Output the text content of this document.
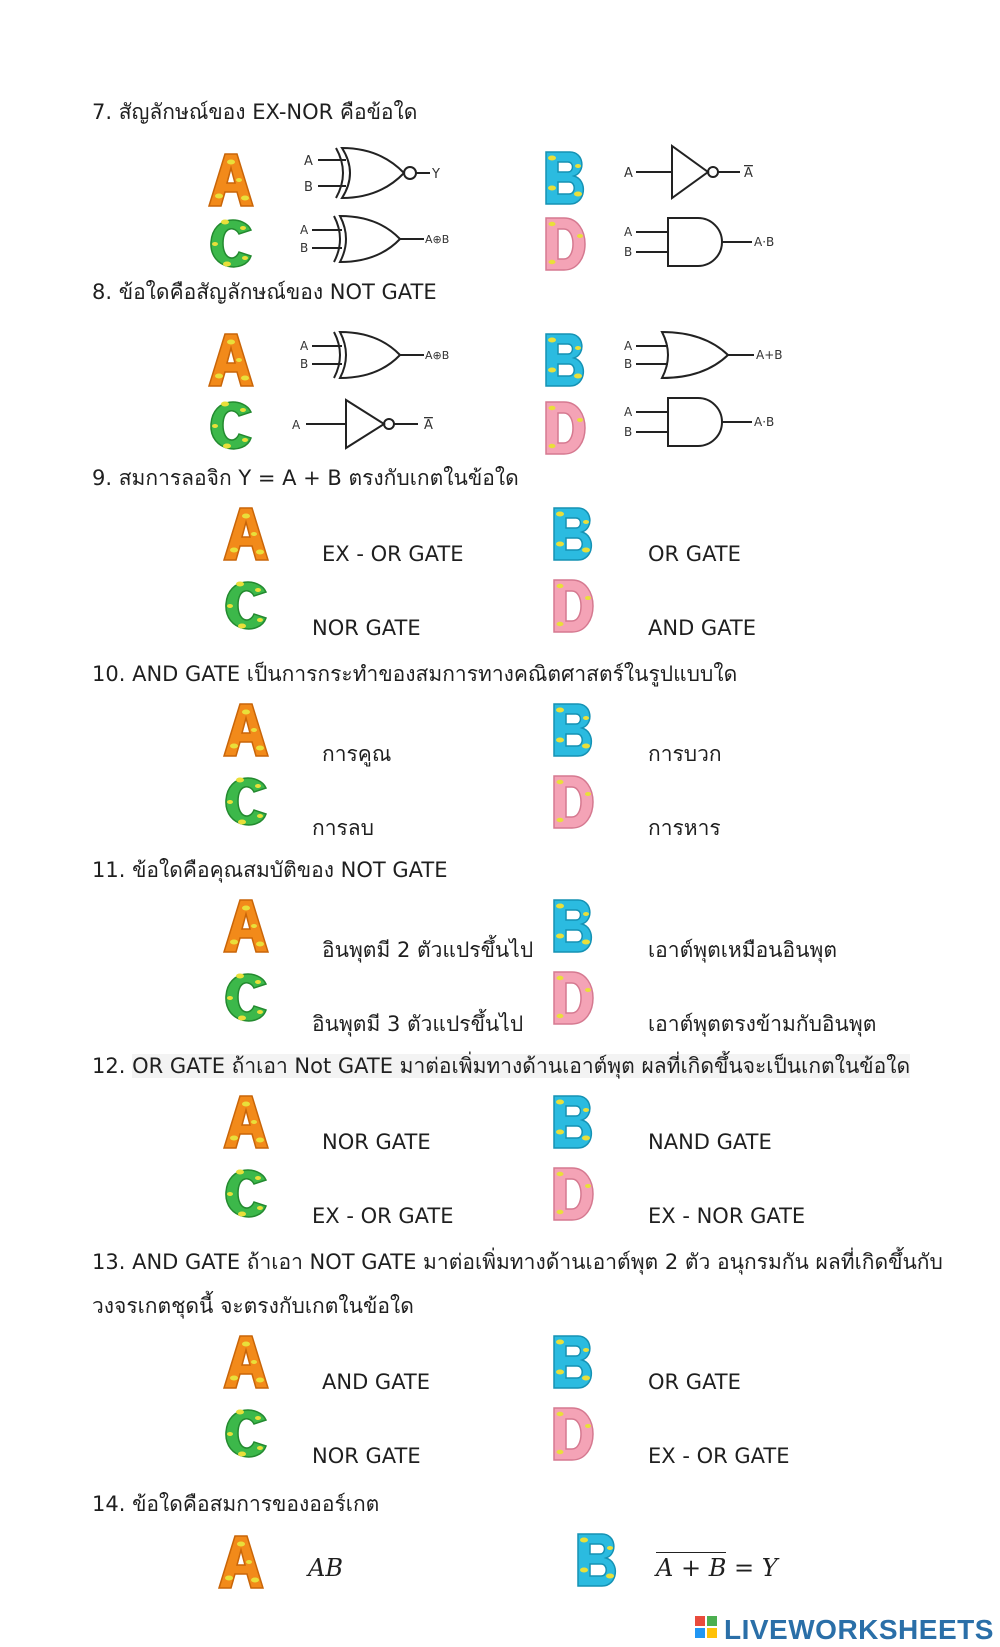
7. สัญลักษณ์ของ EX-NOR คือข้อใด
A
B
Y	A	A
A
B
A⊕B
A
B
A·B
8. ข้อใดคือสัญลักษณ์ของ NOT GATE
A
B
A⊕B
A
B
A+B
A	A
A
B
A·B
9. สมการลอจิก Y = A + B ตรงกับเกตในข้อใด
EX - OR GATE	OR GATE
NOR GATE	AND GATE
10. AND GATE เป็นการกระทำของสมการทางคณิตศาสตร์ในรูปแบบใด
การคูณ	การบวก
การลบ	การหาร
11. ข้อใดคือคุณสมบัติของ NOT GATE
อินพุตมี 2 ตัวแปรขึ้นไป	เอาต์พุตเหมือนอินพุต
อินพุตมี 3 ตัวแปรขึ้นไป	เอาต์พุตตรงข้ามกับอินพุต
12. OR GATE ถ้าเอา Not GATE มาต่อเพิ่มทางด้านเอาต์พุต ผลที่เกิดขึ้นจะเป็นเกตในข้อใด
NOR GATE	NAND GATE
EX - OR GATE	EX - NOR GATE
13. AND GATE ถ้าเอา NOT GATE มาต่อเพิ่มทางด้านเอาต์พุต 2 ตัว อนุกรมกัน ผลที่เกิดขึ้นกับ
วงจรเกตชุดนี้ จะตรงกับเกตในข้อใด
AND GATE	OR GATE
NOR GATE	EX - OR GATE
14. ข้อใดคือสมการของออร์เกต
AB	A + B = Y
LIVEWORKSHEETS
